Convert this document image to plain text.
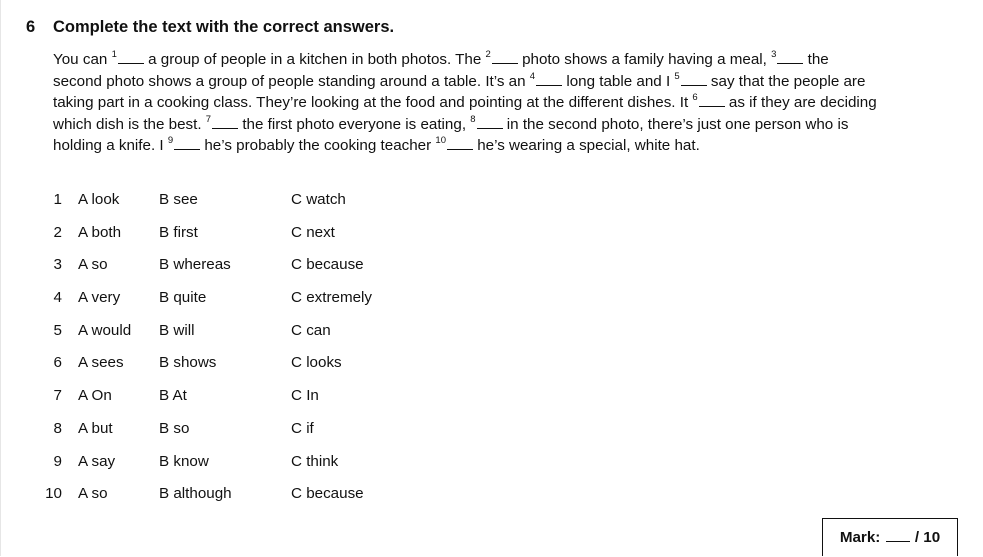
6 Complete the text with the correct answers.
You can $^1$ a group of people in a kitchen in both photos. The $^2$ photo shows a family having a meal, $^3$ the
second photo shows a group of people standing around a table. It’s an $^4$ long table and I $^5$ say that the people are
taking part in a cooking class. They’re looking at the food and pointing at the different dishes. It $^6$ as if they are deciding
which dish is the best. $^7$ the first photo everyone is eating, $^8$ in the second photo, there’s just one person who is
holding a knife. I $^9$ he’s probably the cooking teacher $^{10}$ he’s wearing a special, white hat.
1 A look	B see	C watch
2 A both B first	C next
3 A so	B whereas	C because
4 A very	B quite	C extremely
5 A would B will	C can
6 A sees B shows	C looks
7 A On	B At	C In
8 A but	B so	C if
9 A say	B know	C think
10 A so	B although	C because
Mark: / 10
